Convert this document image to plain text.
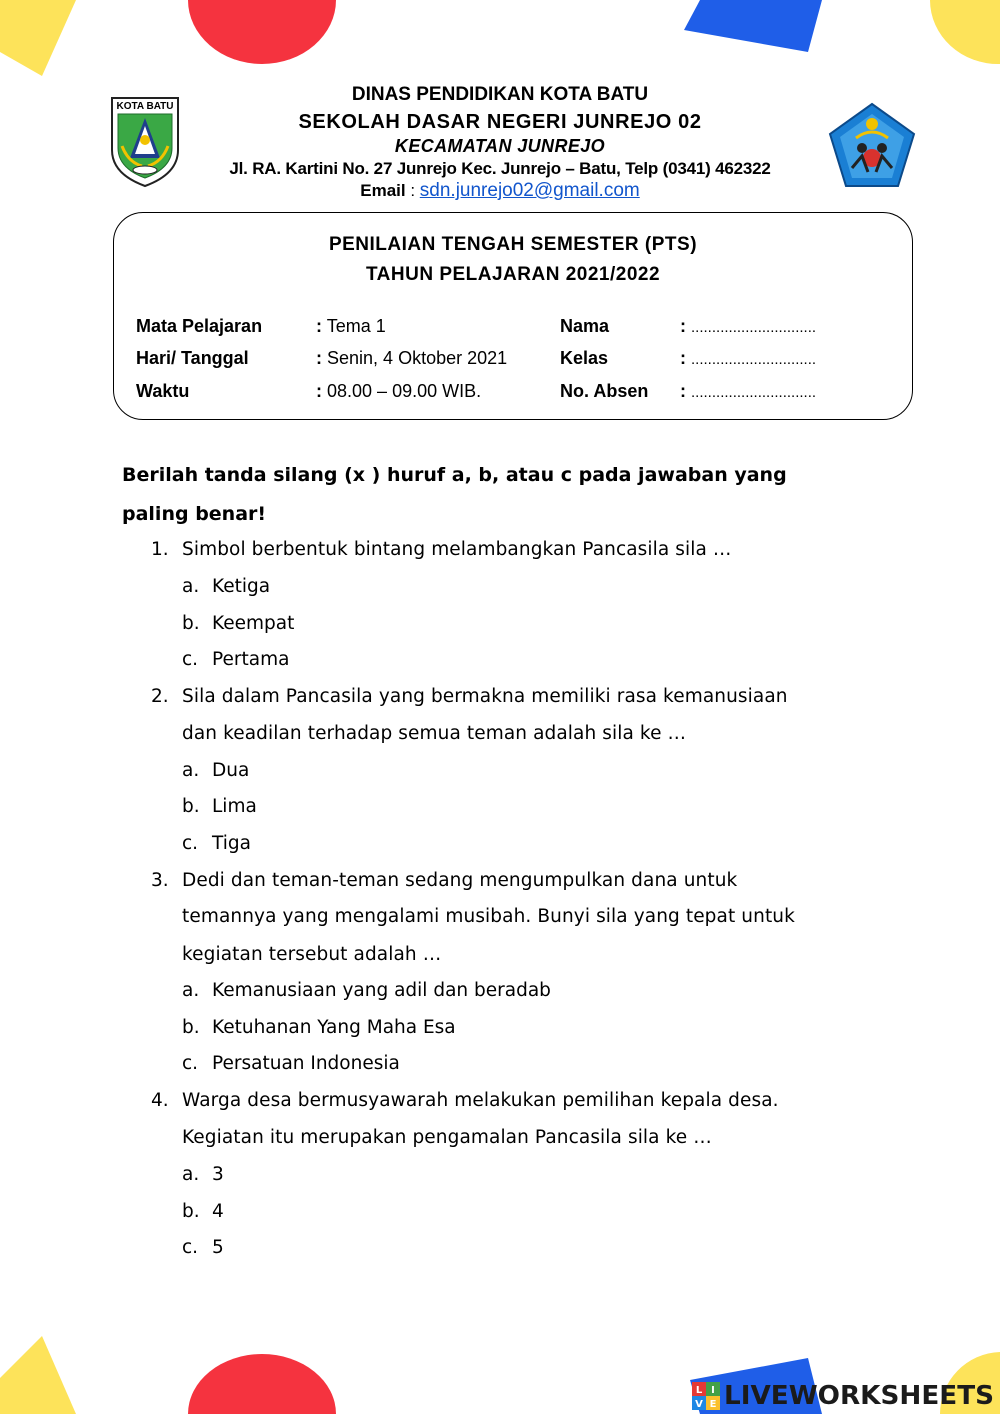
KOTA BATU
DINAS PENDIDIKAN KOTA BATU
SEKOLAH DASAR NEGERI JUNREJO 02
KECAMATAN JUNREJO
Jl. RA. Kartini No. 27 Junrejo Kec. Junrejo – Batu, Telp (0341) 462322
Email : sdn.junrejo02@gmail.com
PENILAIAN TENGAH SEMESTER (PTS)
TAHUN PELAJARAN 2021/2022
Mata Pelajaran	: Tema 1	Nama	: ..............................
Hari/ Tanggal	: Senin, 4 Oktober 2021	Kelas	: ..............................
Waktu	: 08.00 – 09.00 WIB.	No. Absen : ..............................
Berilah tanda silang (x ) huruf a, b, atau c pada jawaban yang
paling benar!
1. Simbol berbentuk bintang melambangkan Pancasila sila …
a. Ketiga
b. Keempat
c. Pertama
2. Sila dalam Pancasila yang bermakna memiliki rasa kemanusiaan
dan keadilan terhadap semua teman adalah sila ke …
a. Dua
b. Lima
c. Tiga
3. Dedi dan teman-teman sedang mengumpulkan dana untuk
temannya yang mengalami musibah. Bunyi sila yang tepat untuk
kegiatan tersebut adalah …
a. Kemanusiaan yang adil dan beradab
b. Ketuhanan Yang Maha Esa
c. Persatuan Indonesia
4. Warga desa bermusyawarah melakukan pemilihan kepala desa.
Kegiatan itu merupakan pengamalan Pancasila sila ke …
a. 3
b. 4
c. 5
L I
V E LIVEWORKSHEETS
